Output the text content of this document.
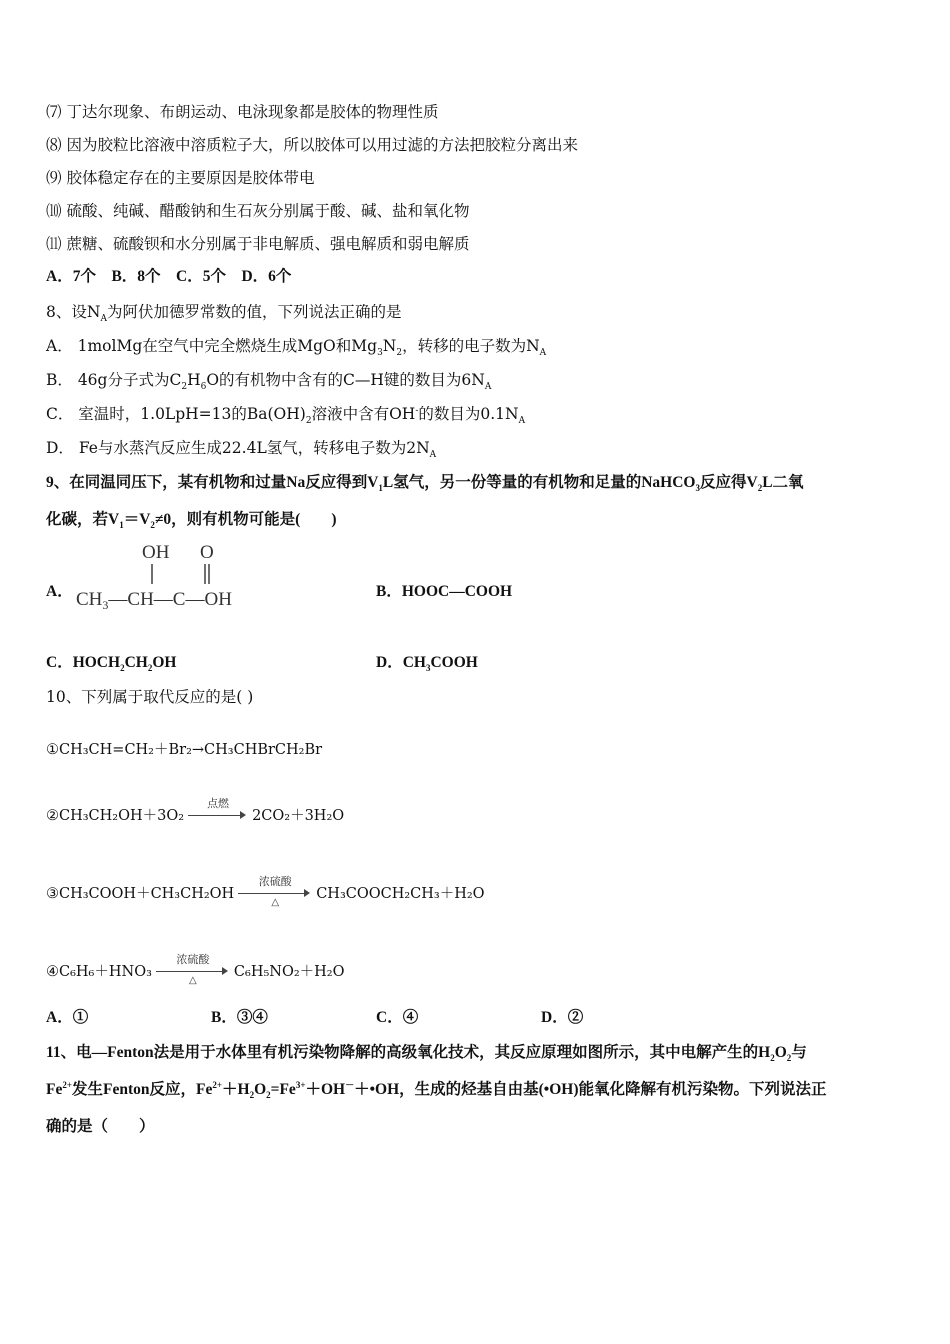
⑺ 丁达尔现象、布朗运动、电泳现象都是胶体的物理性质
⑻ 因为胶粒比溶液中溶质粒子大，所以胶体可以用过滤的方法把胶粒分离出来
⑼ 胶体稳定存在的主要原因是胶体带电
⑽ 硫酸、纯碱、醋酸钠和生石灰分别属于酸、碱、盐和氧化物
⑾ 蔗糖、硫酸钡和水分别属于非电解质、强电解质和弱电解质
A．7个　B．8个　C．5个　D．6个
8、设$N_A$为阿伏加德罗常数的值，下列说法正确的是
A． 1molMg在空气中完全燃烧生成MgO和$Mg_3N_2$，转移的电子数为$N_A$
B． 46g分子式为$C_2H_6O$的有机物中含有的C—H键的数目为$6N_A$
C． 室温时，1.0LpH=13的$Ba(OH)_2$溶液中含有OH-的数目为$0.1N_A$
D． Fe与水蒸汽反应生成22.4L氢气，转移电子数为$2N_A$
9、在同温同压下，某有机物和过量Na反应得到$V_1L$氢气，另一份等量的有机物和足量的NaHCO$_3$反应得$V_2L$二氧
化碳，若$V_1=V_2\ne 0$，则有机物可能是(　　)
A．
OH O
$CH_3—CH—C—OH$	B．HOOC—COOH
C．$HOCH_2CH_2OH$	D．$CH_3COOH$
10、下列属于取代反应的是( )
①CH₃CH=CH₂＋Br₂→CH₃CHBrCH₂Br
②CH₃CH₂OH＋3O₂
点燃
2CO₂＋3H₂O
③CH₃COOH＋CH₃CH₂OH
浓硫酸
△
CH₃COOCH₂CH₃＋H₂O
④C₆H₆＋HNO₃
浓硫酸
△
C₆H₅NO₂＋H₂O
A．①	B．③④	C．④	D．②
11、电—Fenton法是用于水体里有机污染物降解的高级氧化技术，其反应原理如图所示，其中电解产生的$H_2O_2$与
$Fe^{2+}$发生Fenton反应，$Fe^{2+}+H_2O_2=Fe^{3+}+OH^-+•OH$，生成的烃基自由基(•OH)能氧化降解有机污染物。下列说法正
确的是（　　）
